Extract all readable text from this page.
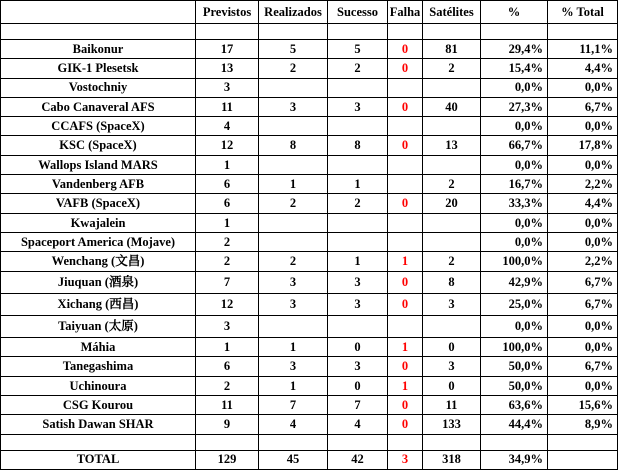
	Previstos	Realizados	Sucesso	Falha	Satélites	%	% Total

Baikonur	17	5	5	0	81	29,4%	11,1%
GIK-1 Plesetsk	13	2	2	0	2	15,4%	4,4%
Vostochniy	3					0,0%	0,0%
Cabo Canaveral AFS	11	3	3	0	40	27,3%	6,7%
CCAFS (SpaceX)	4					0,0%	0,0%
KSC (SpaceX)	12	8	8	0	13	66,7%	17,8%
Wallops Island MARS	1					0,0%	0,0%
Vandenberg AFB	6	1	1		2	16,7%	2,2%
VAFB (SpaceX)	6	2	2	0	20	33,3%	4,4%
Kwajalein	1					0,0%	0,0%
Spaceport America (Mojave)	2					0,0%	0,0%
Wenchang (文昌)	2	2	1	1	2	100,0%	2,2%
Jiuquan (酒泉)	7	3	3	0	8	42,9%	6,7%
Xichang (西昌)	12	3	3	0	3	25,0%	6,7%
Taiyuan (太原)	3					0,0%	0,0%
Máhia	1	1	0	1	0	100,0%	0,0%
Tanegashima	6	3	3	0	3	50,0%	6,7%
Uchinoura	2	1	0	1	0	50,0%	0,0%
CSG Kourou	11	7	7	0	11	63,6%	15,6%
Satish Dawan SHAR	9	4	4	0	133	44,4%	8,9%

TOTAL	129	45	42	3	318	34,9%	
